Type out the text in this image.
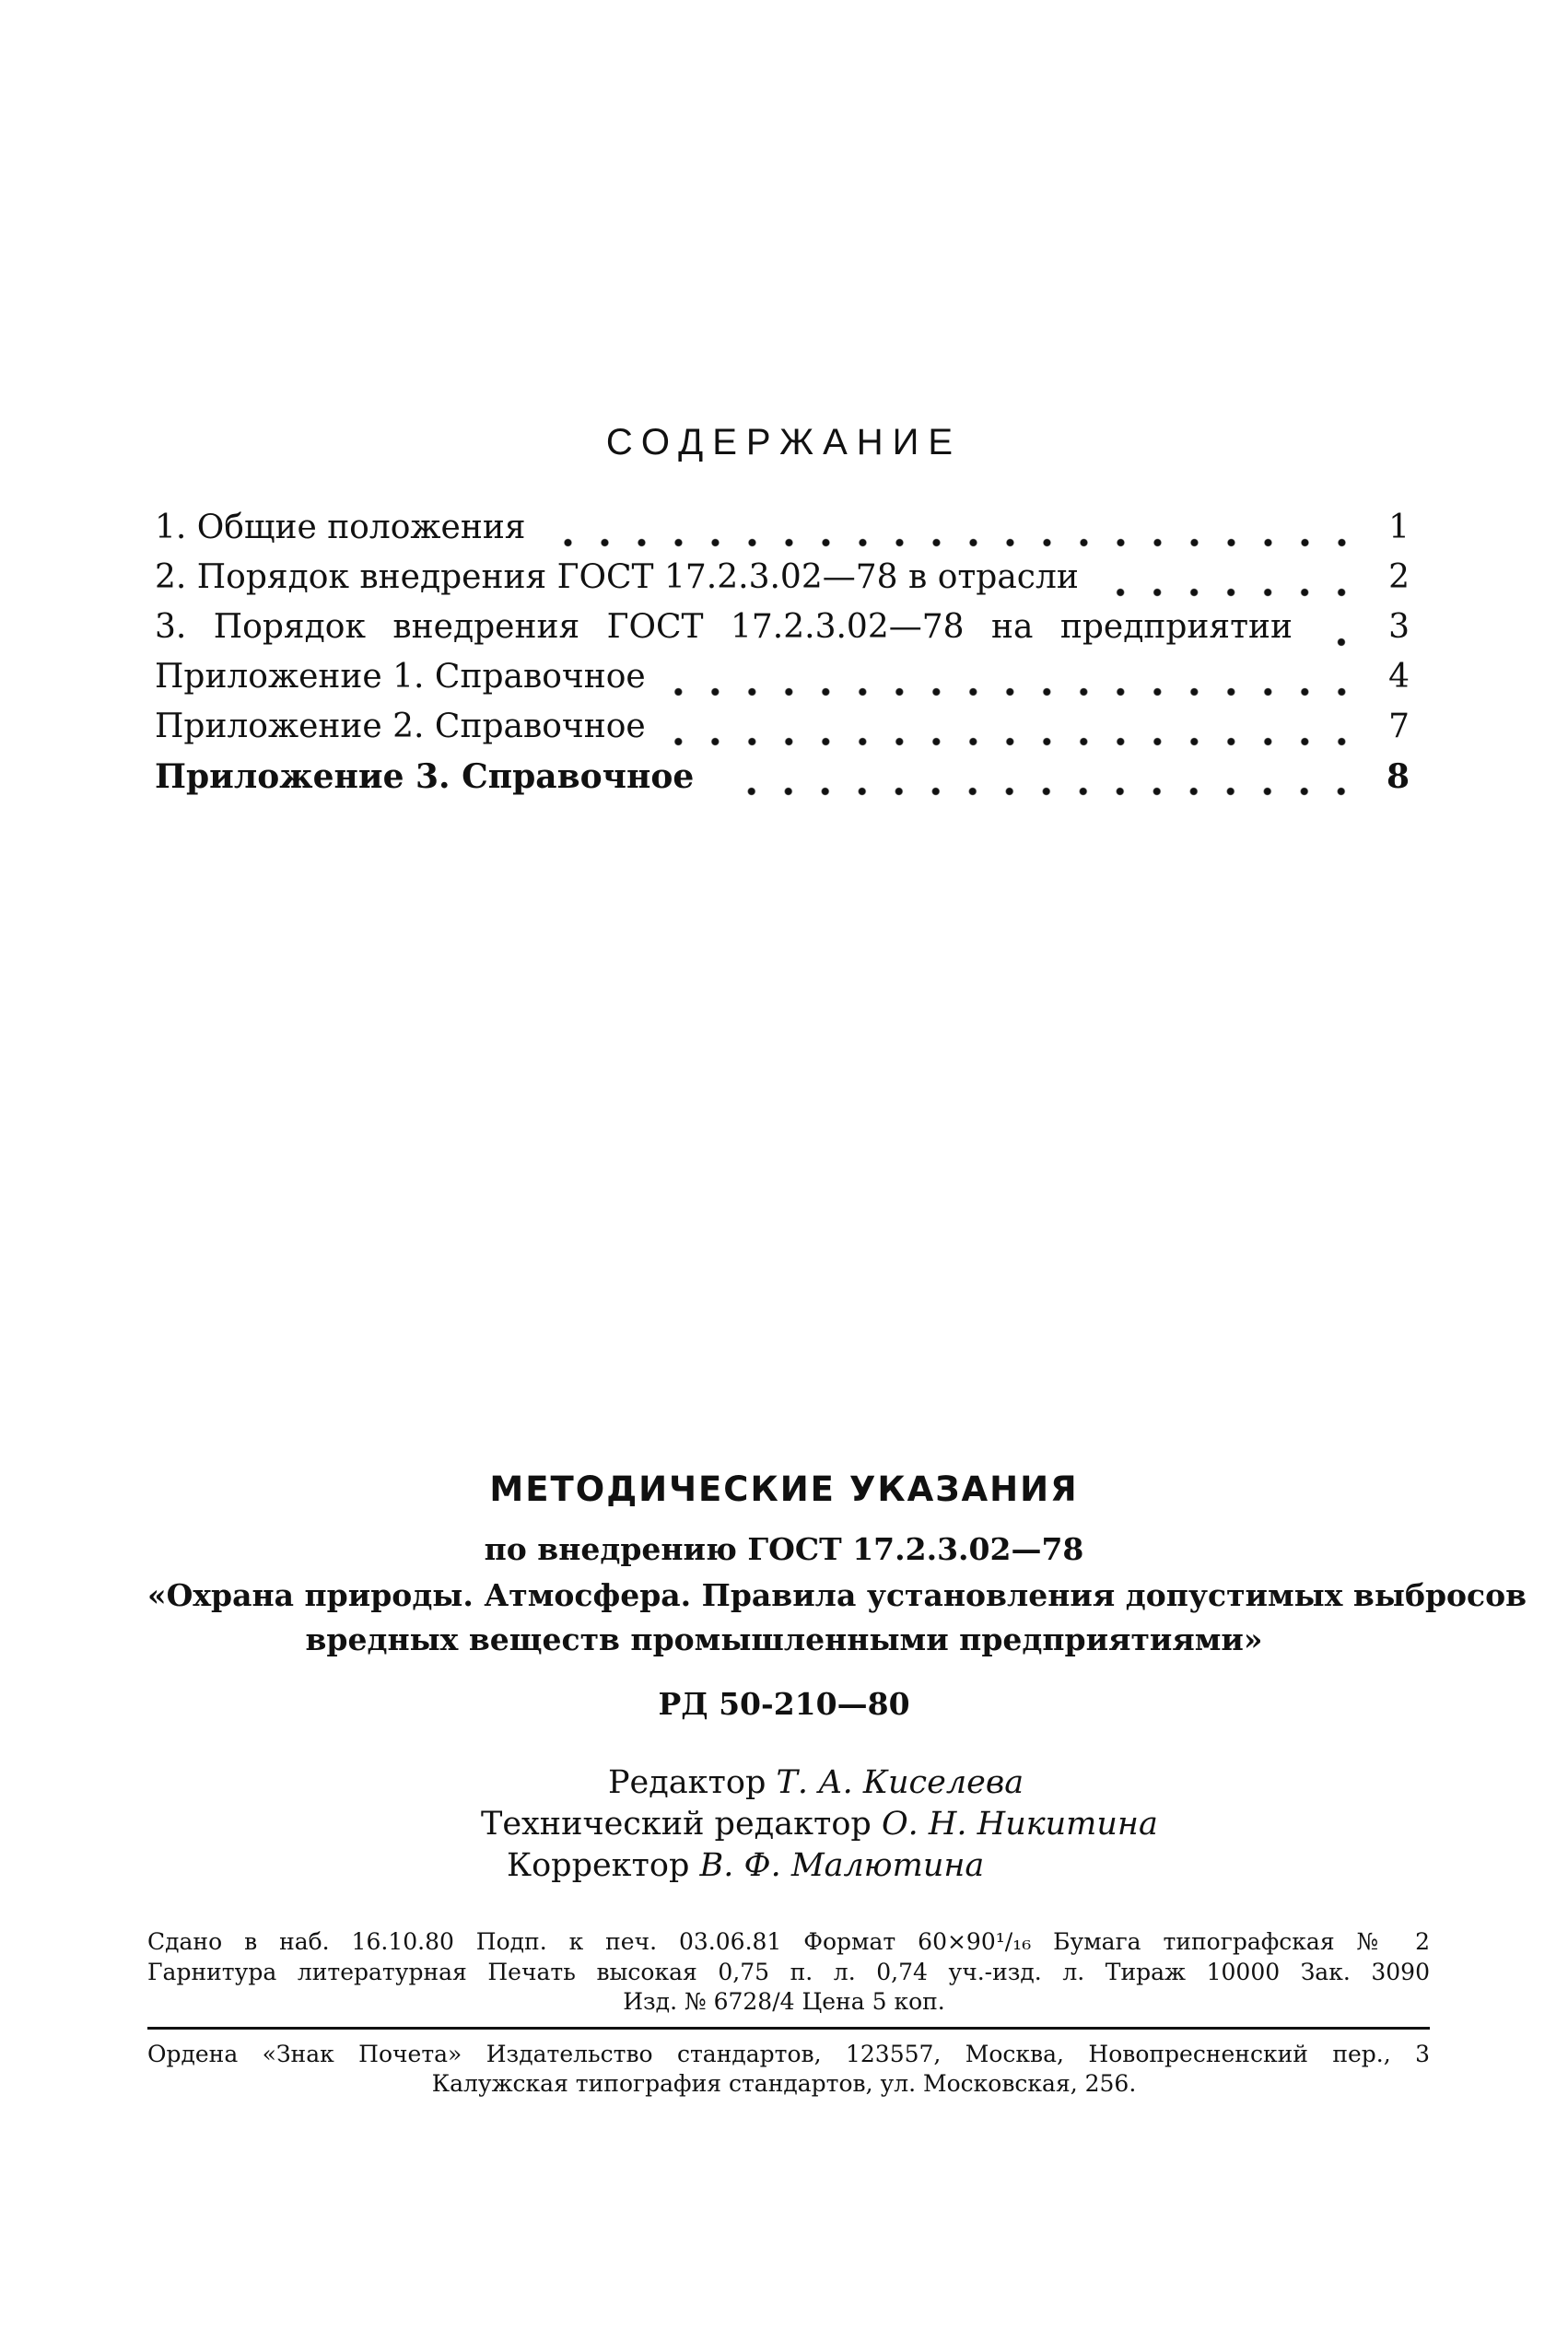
СОДЕРЖАНИЕ
1. Общие положения	1
2. Порядок внедрения ГОСТ 17.2.3.02—78 в отрасли	2
3. Порядок внедрения ГОСТ 17.2.3.02—78 на предприятии	3
Приложение 1. Справочное	4
Приложение 2. Справочное	7
Приложение 3. Справочное	8
МЕТОДИЧЕСКИЕ УКАЗАНИЯ
по внедрению ГОСТ 17.2.3.02—78
«Охрана природы. Атмосфера. Правила установления допустимых выбросов
вредных веществ промышленными предприятиями»
РД 50-210—80
Редактор Т. А. Киселева
Технический редактор О. Н. Никитина
Корректор В. Ф. Малютина
Сдано в наб. 16.10.80 Подп. к печ. 03.06.81 Формат 60×90¹/₁₆ Бумага типографская № 2
Гарнитура литературная Печать высокая 0,75 п. л. 0,74 уч.-изд. л. Тираж 10000 Зак. 3090
Изд. № 6728/4 Цена 5 коп.
Ордена «Знак Почета» Издательство стандартов, 123557, Москва, Новопресненский пер., 3
Калужская типография стандартов, ул. Московская, 256.
